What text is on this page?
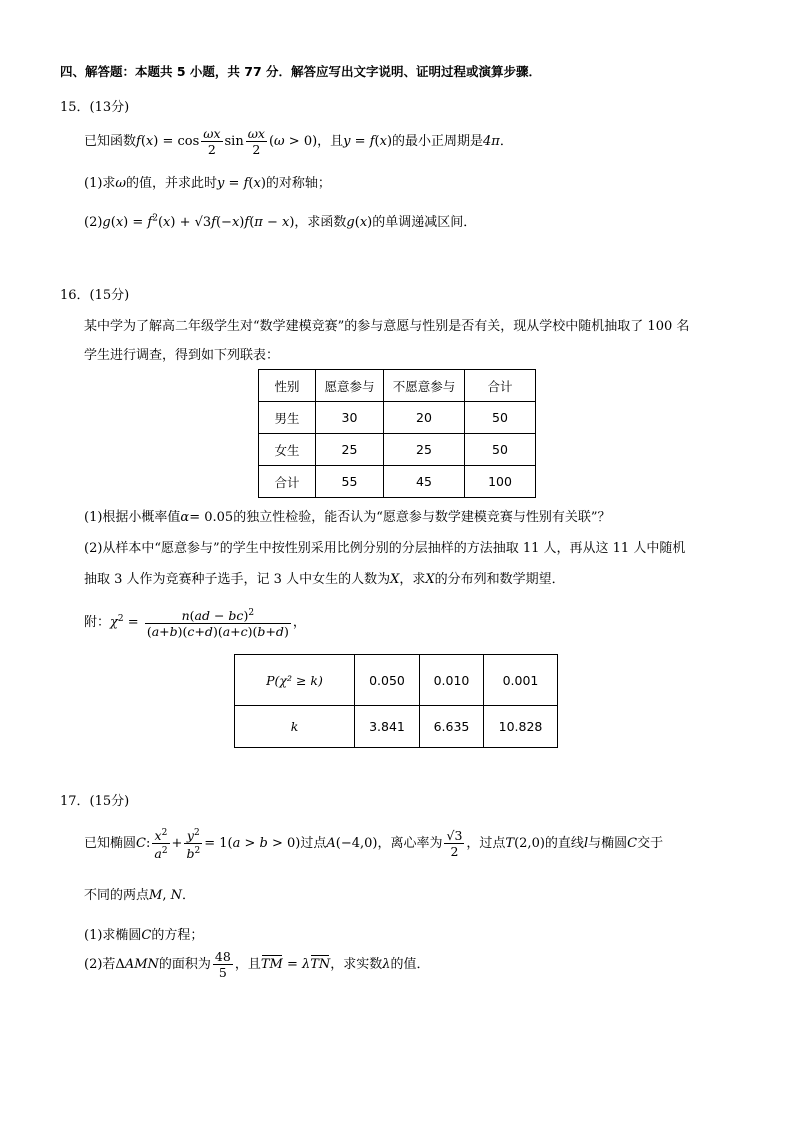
四、解答题：本题共 5 小题，共 77 分．解答应写出文字说明、证明过程或演算步骤．
15．(13分)
已知函数$f(x) = \cos \frac{\omega x}{2}$ $\sin \frac{\omega x}{2} (\omega > 0)$，且y = f(x)的最小正周期是4π．
(1)求ω的值，并求此时y = f(x)的对称轴；
$(2)g(x) = f^2(x) + √3f(-x)f(\pi - x)$，求函数g(x)的单调递减区间．
16．(15分)
某中学为了解高二年级学生对“数学建模竞赛”的参与意愿与性别是否有关，现从学校中随机抽取了 100 名
学生进行调查，得到如下列联表：
性别	愿意参与	不愿意参与	合计
男生	30	20	50
女生	25	25	50
合计	55	45	100
(1)根据小概率值α= 0.05的独立性检验，能否认为“愿意参与数学建模竞赛与性别有关联”？
(2)从样本中“愿意参与”的学生中按性别采用比例分别的分层抽样的方法抽取 11 人，再从这 11 人中随机
抽取 3 人作为竞赛种子选手，记 3 人中女生的人数为X，求X的分布列和数学期望．
附：$\chi^2 = \frac{n(ad - bc)^2}{(a+b)(c+d)(a+c)(b+d)}$ ，
P(χ² ≥ k)	0.050	0.010	0.001
k	3.841	6.635	10.828
17．(15分)
已知椭圆C: $\frac{x^2}{a^2} + \frac{y^2}{b^2} = 1(a > b > 0)$过点A(−4,0)，离心率为 $\frac{√3}{2}$ ，过点T(2,0)的直线l与椭圆C交于
不同的两点M, N．
(1)求椭圆C的方程；
(2)若ΔAMN的面积为 $\frac{48}{5}$ ，且TM = λTN，求实数λ的值．
